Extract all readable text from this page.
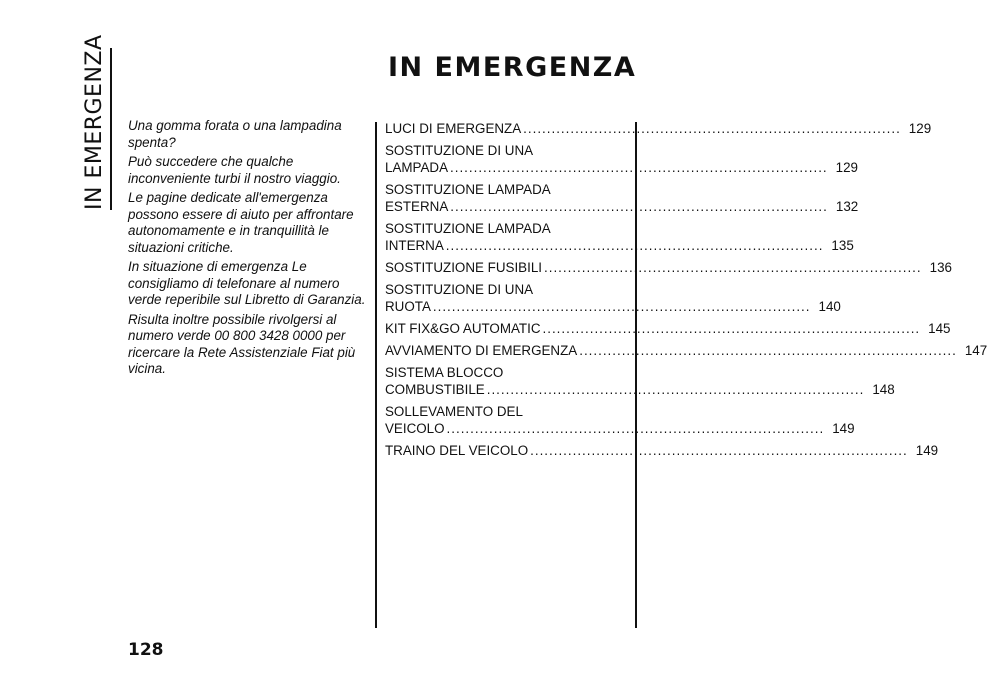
IN EMERGENZA	IN EMERGENZA

Una gomma forata o una lampadina spenta?

Può succedere che qualche inconveniente turbi il nostro viaggio.

Le pagine dedicate all'emergenza possono essere di aiuto per affrontare autonomamente e in tranquillità le situazioni critiche.

In situazione di emergenza Le consigliamo di telefonare al numero verde reperibile sul Libretto di Garanzia.

Risulta inoltre possibile rivolgersi al numero verde 00 800 3428 0000 per ricercare la Rete Assistenziale Fiat più vicina.

LUCI DI EMERGENZA ................................................................................ 129
SOSTITUZIONE DI UNA
LAMPADA ................................................................................ 129
SOSTITUZIONE LAMPADA
ESTERNA ................................................................................ 132
SOSTITUZIONE LAMPADA
INTERNA ................................................................................ 135
SOSTITUZIONE FUSIBILI ................................................................................ 136
SOSTITUZIONE DI UNA
RUOTA ................................................................................ 140
KIT FIX&GO AUTOMATIC ................................................................................ 145
AVVIAMENTO DI EMERGENZA ................................................................................ 147
SISTEMA BLOCCO
COMBUSTIBILE ................................................................................ 148
SOLLEVAMENTO DEL
VEICOLO ................................................................................ 149
TRAINO DEL VEICOLO ................................................................................ 149
128
